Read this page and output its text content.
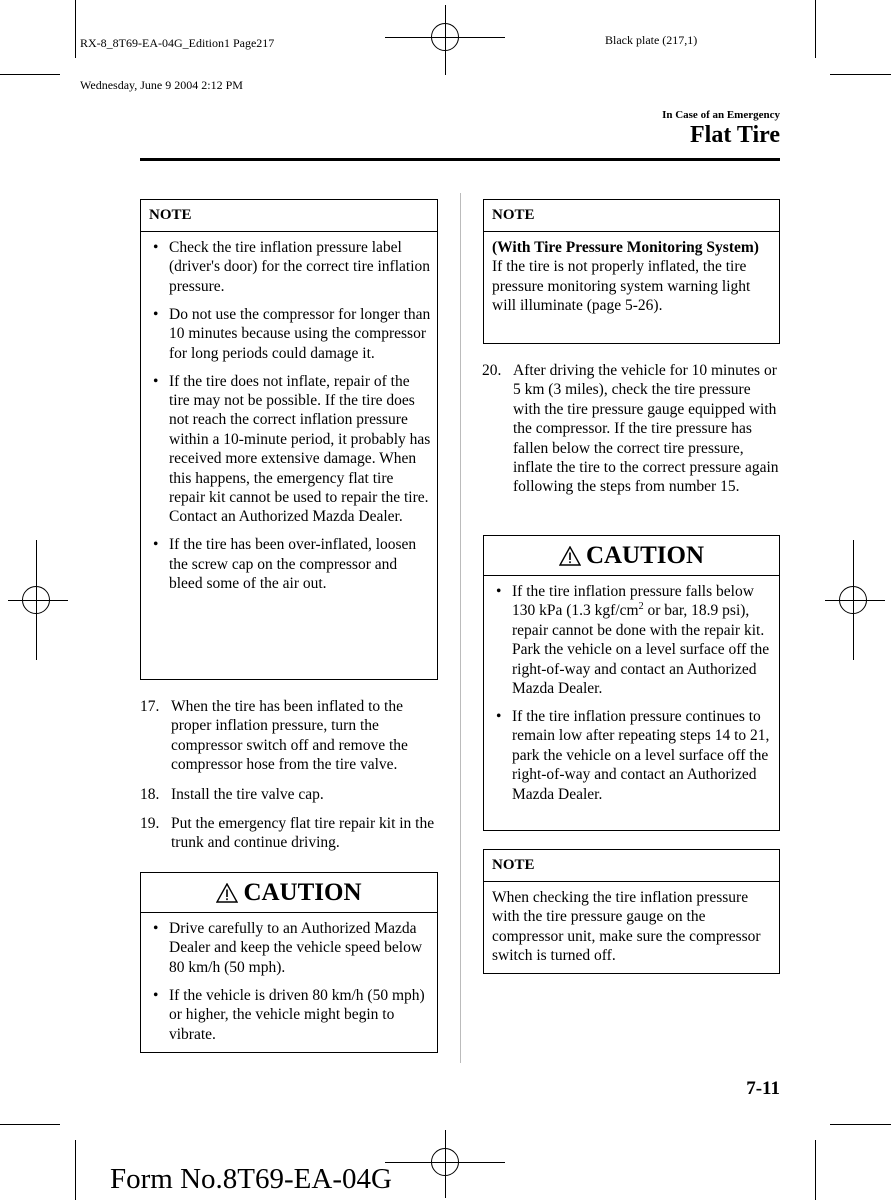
RX-8_8T69-EA-04G_Edition1 Page217

Wednesday, June 9 2004 2:12 PM

Black plate (217,1)
In Case of an Emergency
Flat Tire
NOTE
• Check the tire inflation pressure label (driver's door) for the correct tire inflation pressure.
• Do not use the compressor for longer than 10 minutes because using the compressor for long periods could damage it.
• If the tire does not inflate, repair of the tire may not be possible. If the tire does not reach the correct inflation pressure within a 10-minute period, it probably has received more extensive damage. When this happens, the emergency flat tire repair kit cannot be used to repair the tire. Contact an Authorized Mazda Dealer.
• If the tire has been over-inflated, loosen the screw cap on the compressor and bleed some of the air out.
17. When the tire has been inflated to the proper inflation pressure, turn the compressor switch off and remove the compressor hose from the tire valve.
18. Install the tire valve cap.
19. Put the emergency flat tire repair kit in the trunk and continue driving.
CAUTION
• Drive carefully to an Authorized Mazda Dealer and keep the vehicle speed below 80 km/h (50 mph).
• If the vehicle is driven 80 km/h (50 mph) or higher, the vehicle might begin to vibrate.
NOTE
(With Tire Pressure Monitoring System)
If the tire is not properly inflated, the tire pressure monitoring system warning light will illuminate (page 5-26).
20. After driving the vehicle for 10 minutes or 5 km (3 miles), check the tire pressure with the tire pressure gauge equipped with the compressor. If the tire pressure has fallen below the correct tire pressure, inflate the tire to the correct pressure again following the steps from number 15.
CAUTION
• If the tire inflation pressure falls below 130 kPa (1.3 kgf/$cm^2$ or bar, 18.9 psi), repair cannot be done with the repair kit. Park the vehicle on a level surface off the right-of-way and contact an Authorized Mazda Dealer.
• If the tire inflation pressure continues to remain low after repeating steps 14 to 21, park the vehicle on a level surface off the right-of-way and contact an Authorized Mazda Dealer.
NOTE
When checking the tire inflation pressure with the tire pressure gauge on the compressor unit, make sure the compressor switch is turned off.
7-11
Form No.8T69-EA-04G
